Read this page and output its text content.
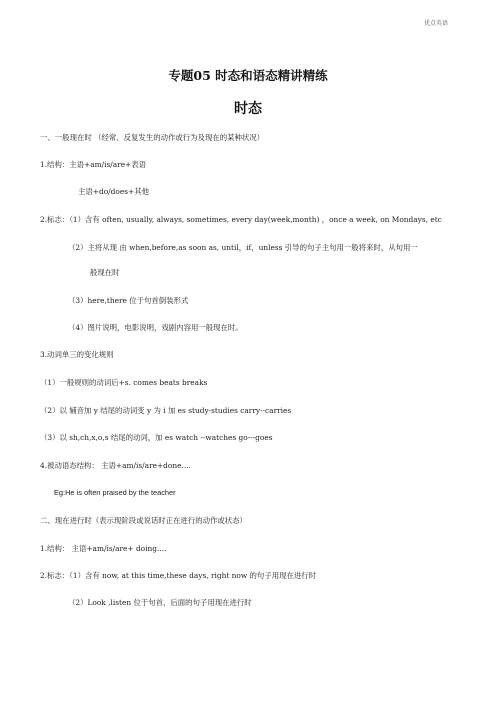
优点英语
专题05 时态和语态精讲精练
时态
一、一般现在时 （经常、反复发生的动作或行为及现在的某种状况）
1.结构：主语+am/is/are+表语
主语+do/does+其他
2.标志：（1）含有 often, usually, always, sometimes, every day(week,month) ，once a week, on Mondays, etc
（2）主将从现 由 when,before,as soon as, until，if，unless 引导的句子主句用一般将来时，从句用一
般现在时
（3）here,there 位于句首倒装形式
（4）图片说明，电影说明，戏剧内容用一般现在时。
3.动词单三的变化规则
（1）一般规则的动词后+s. comes beats breaks
（2）以 辅音加 y 结尾的动词变 y 为 i 加 es study-studies carry--carries
（3）以 sh,ch,x,o,s 结尾的动词，加 es watch --watches go---goes
4.被动语态结构： 主语+am/is/are+done....
Eg:He is often praised by the teacher
二、现在进行时（表示现阶段或说话时正在进行的动作或状态）
1.结构： 主语+am/is/are+ doing....
2.标志：（1）含有 now, at this time,these days, right now 的句子用现在进行时
（2）Look ,listen 位于句首，后面的句子用现在进行时
